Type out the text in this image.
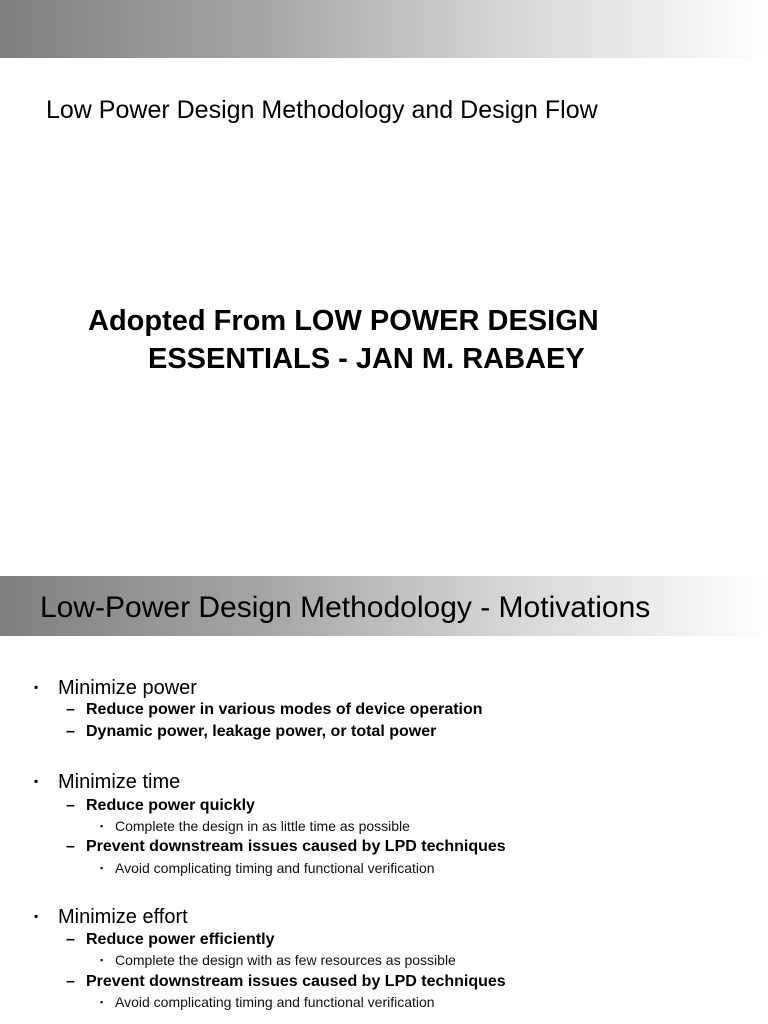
Low Power Design Methodology and Design Flow
Adopted From LOW POWER DESIGN
ESSENTIALS - JAN M. RABAEY
Low-Power Design Methodology - Motivations
▪ Minimize power
– Reduce power in various modes of device operation
– Dynamic power, leakage power, or total power
▪ Minimize time
– Reduce power quickly
▪ Complete the design in as little time as possible
– Prevent downstream issues caused by LPD techniques
▪ Avoid complicating timing and functional verification
▪ Minimize effort
– Reduce power efficiently
▪ Complete the design with as few resources as possible
– Prevent downstream issues caused by LPD techniques
▪ Avoid complicating timing and functional verification
